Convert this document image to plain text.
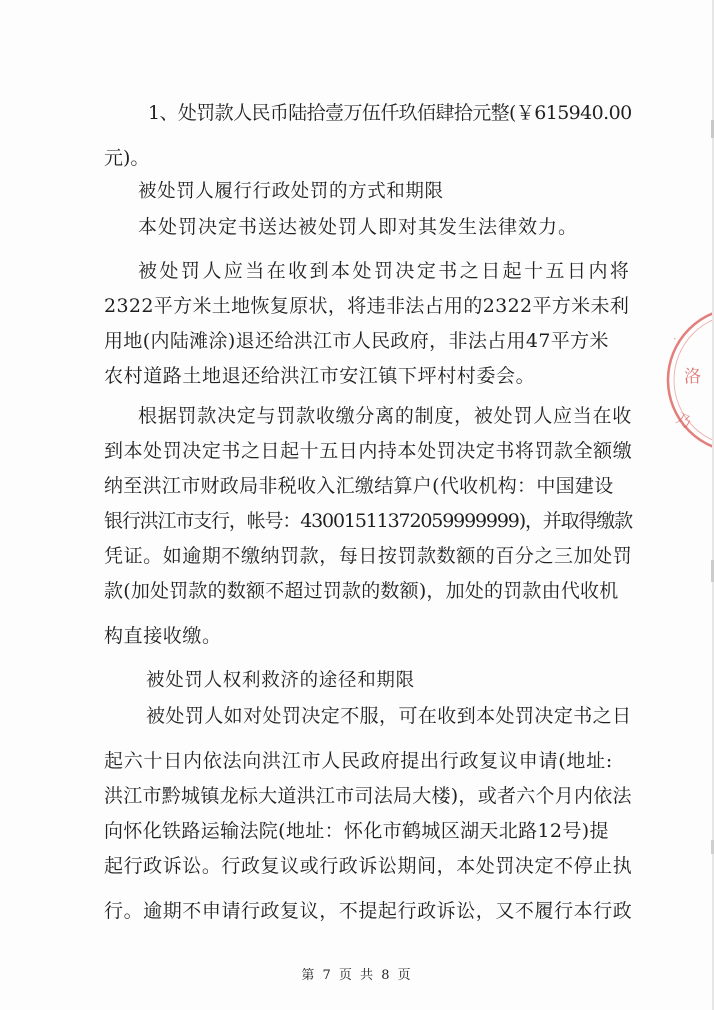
1、处罚款人民币陆拾壹万伍仟玖佰肆拾元整(￥615940.00
元)。
被处罚人履行行政处罚的方式和期限
本处罚决定书送达被处罚人即对其发生法律效力。
被处罚人应当在收到本处罚决定书之日起十五日内将
2322平方米土地恢复原状，将违非法占用的2322平方米未利
用地(内陆滩涂)退还给洪江市人民政府，非法占用47平方米
农村道路土地退还给洪江市安江镇下坪村村委会。
根据罚款决定与罚款收缴分离的制度，被处罚人应当在收
到本处罚决定书之日起十五日内持本处罚决定书将罚款全额缴
纳至洪江市财政局非税收入汇缴结算户(代收机构：中国建设
银行洪江市支行，帐号：43001511372059999999)，并取得缴款
凭证。如逾期不缴纳罚款，每日按罚款数额的百分之三加处罚
款(加处罚款的数额不超过罚款的数额)，加处的罚款由代收机
构直接收缴。
被处罚人权利救济的途径和期限
被处罚人如对处罚决定不服，可在收到本处罚决定书之日
起六十日内依法向洪江市人民政府提出行政复议申请(地址:
洪江市黔城镇龙标大道洪江市司法局大楼)，或者六个月内依法
向怀化铁路运输法院(地址：怀化市鹤城区湖天北路12号)提
起行政诉讼。行政复议或行政诉讼期间，本处罚决定不停止执
行。逾期不申请行政复议，不提起行政诉讼，又不履行本行政
第 7 页 共 8 页
洛
·
乃
